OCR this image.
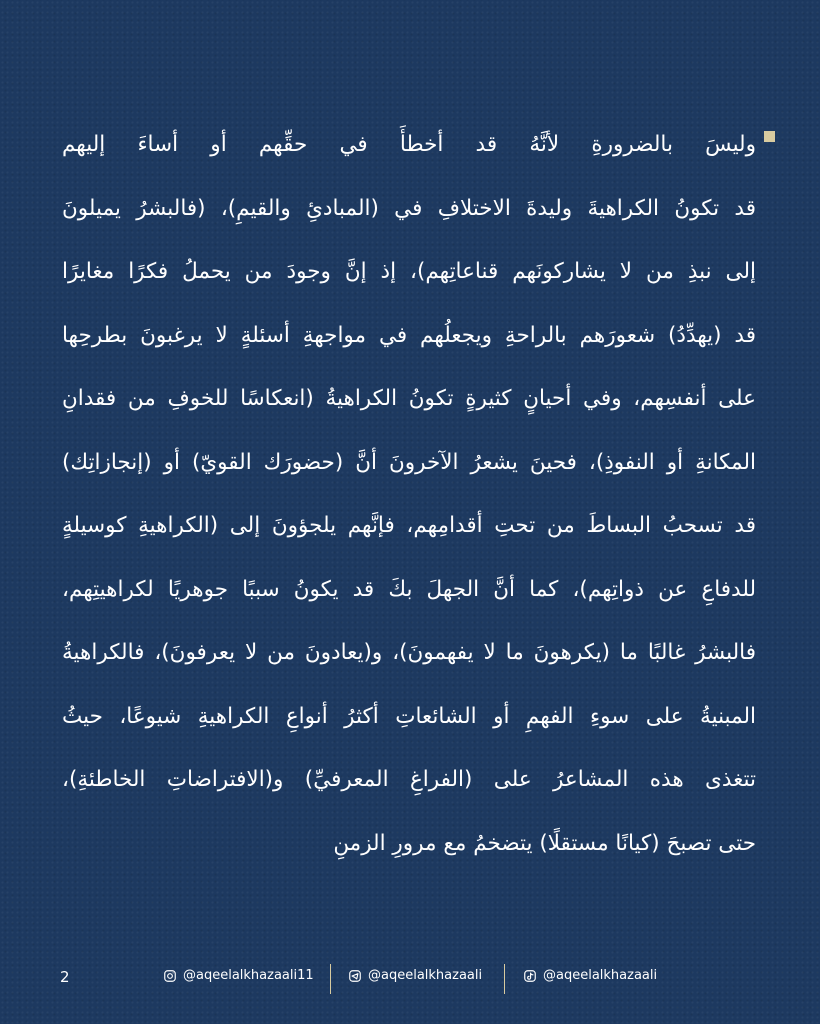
وليسَ بالضرورةِ لأنَّهُ قد أخطأَ في حقِّهم أو أساءَ إليهم
قد تكونُ الكراهيةَ وليدةَ الاختلافِ في (المبادئِ والقيمِ)، (فالبشرُ يميلونَ
إلى نبذِ من لا يشاركونَهم قناعاتِهم)، إذ إنَّ وجودَ من يحملُ فكرًا مغايرًا
قد (يهدِّدُ) شعورَهم بالراحةِ ويجعلُهم في مواجهةِ أسئلةٍ لا يرغبونَ بطرحِها
على أنفسِهم، وفي أحيانٍ كثيرةٍ تكونُ الكراهيةُ (انعكاسًا للخوفِ من فقدانِ
المكانةِ أو النفوذِ)، فحينَ يشعرُ الآخرونَ أنَّ (حضورَك القويّ) أو (إنجازاتِك)
قد تسحبُ البساطَ من تحتِ أقدامِهم، فإنَّهم يلجؤونَ إلى (الكراهيةِ كوسيلةٍ
للدفاعِ عن ذواتِهم)، كما أنَّ الجهلَ بكَ قد يكونُ سببًا جوهريًا لكراهيتِهم،
فالبشرُ غالبًا ما (يكرهونَ ما لا يفهمونَ)، و(يعادونَ من لا يعرفونَ)، فالكراهيةُ
المبنيةُ على سوءِ الفهمِ أو الشائعاتِ أكثرُ أنواعِ الكراهيةِ شيوعًا، حيثُ
تتغذى هذه المشاعرُ على (الفراغِ المعرفيِّ) و(الافتراضاتِ الخاطئةِ)،
حتى تصبحَ (كيانًا مستقلًا) يتضخمُ مع مرورِ الزمنِ
2	@aqeelalkhazaali11	@aqeelalkhazaali	@aqeelalkhazaali
